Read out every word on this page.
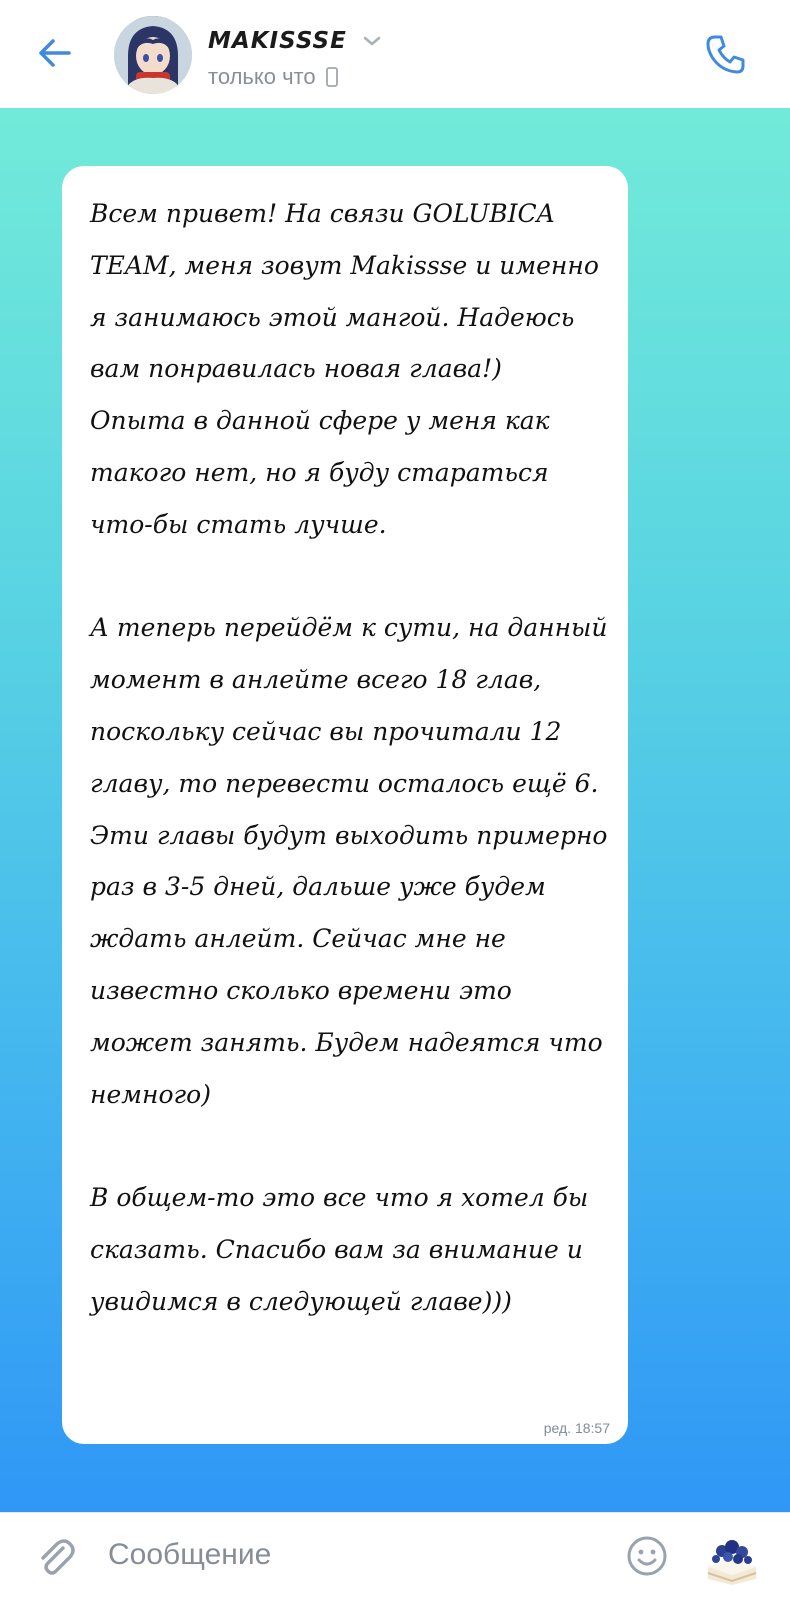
MAKISSSE
только что

Всем привет! На связи GOLUBICA TEAM, меня зовут Makissse и именно я занимаюсь этой мангой. Надеюсь вам понравилась новая глава!)
Опыта в данной сфере у меня как такого нет, но я буду стараться что-бы стать лучше.

А теперь перейдём к сути, на данный момент в анлейте всего 18 глав, поскольку сейчас вы прочитали 12 главу, то перевести осталось ещё 6. Эти главы будут выходить примерно раз в 3-5 дней, дальше уже будем ждать анлейт. Сейчас мне не известно сколько времени это может занять. Будем надеятся что немного)

В общем-то это все что я хотел бы сказать. Спасибо вам за внимание и увидимся в следующей главе)))

ред. 18:57
Сообщение
